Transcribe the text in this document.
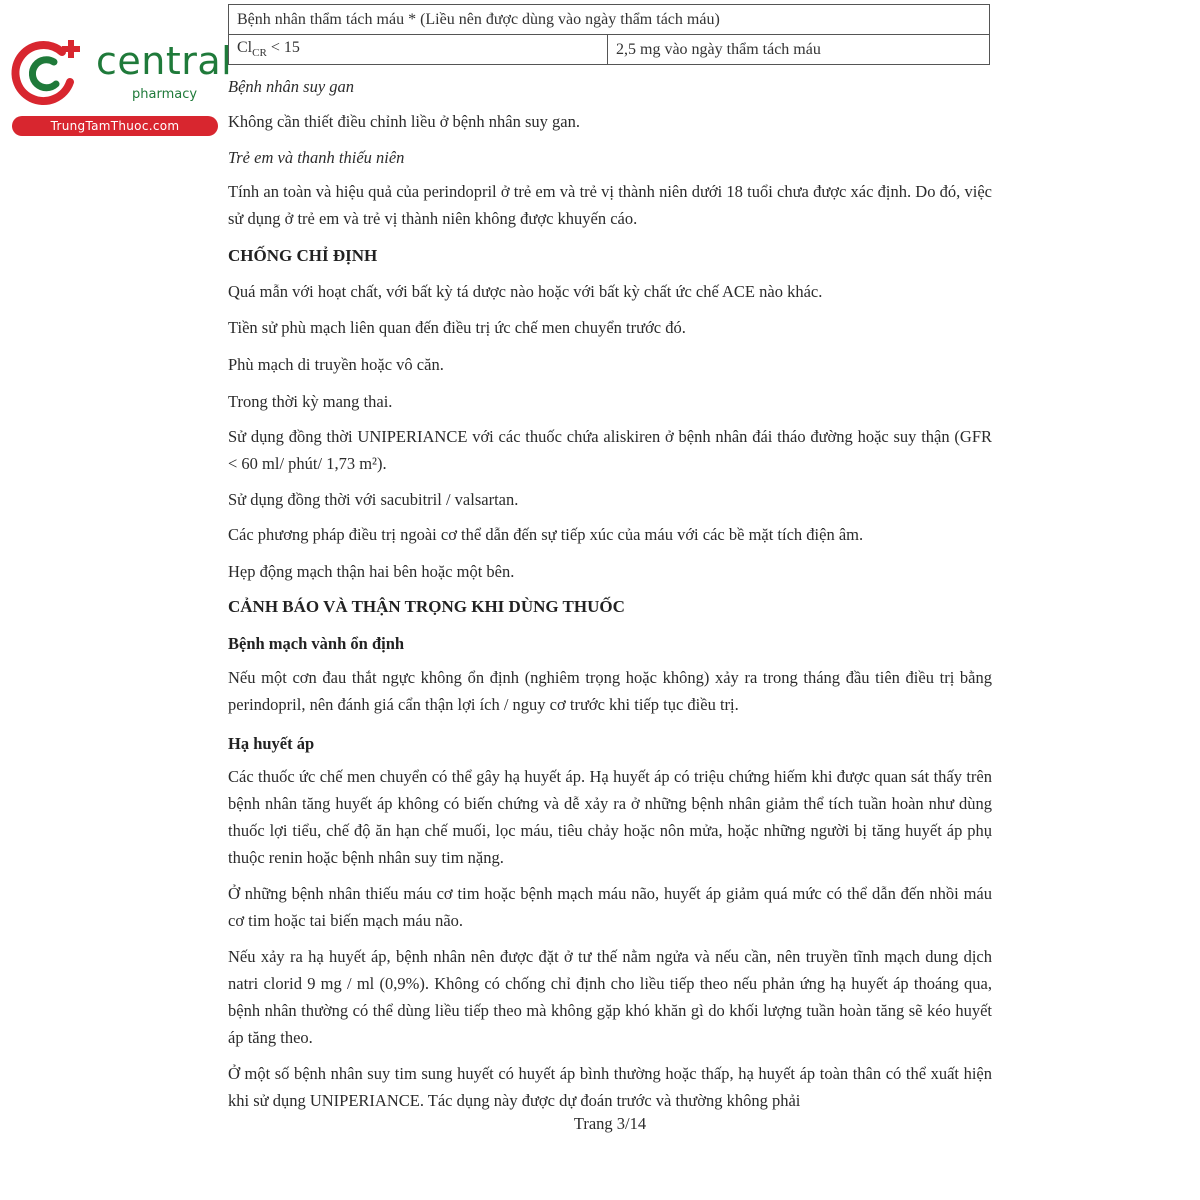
central
pharmacy
TrungTamThuoc.com
Bệnh nhân thẩm tách máu * (Liều nên được dùng vào ngày thẩm tách máu)
$Cl_{CR} < 15$	2,5 mg vào ngày thẩm tách máu

Bệnh nhân suy gan

Không cần thiết điều chỉnh liều ở bệnh nhân suy gan.

Trẻ em và thanh thiếu niên

Tính an toàn và hiệu quả của perindopril ở trẻ em và trẻ vị thành niên dưới 18 tuổi chưa được xác định. Do đó, việc sử dụng ở trẻ em và trẻ vị thành niên không được khuyến cáo.

CHỐNG CHỈ ĐỊNH

Quá mẫn với hoạt chất, với bất kỳ tá dược nào hoặc với bất kỳ chất ức chế ACE nào khác.

Tiền sử phù mạch liên quan đến điều trị ức chế men chuyển trước đó.

Phù mạch di truyền hoặc vô căn.

Trong thời kỳ mang thai.

Sử dụng đồng thời UNIPERIANCE với các thuốc chứa aliskiren ở bệnh nhân đái tháo đường hoặc suy thận (GFR < 60 ml/ phút/ 1,73 m²).

Sử dụng đồng thời với sacubitril / valsartan.

Các phương pháp điều trị ngoài cơ thể dẫn đến sự tiếp xúc của máu với các bề mặt tích điện âm.

Hẹp động mạch thận hai bên hoặc một bên.

CẢNH BÁO VÀ THẬN TRỌNG KHI DÙNG THUỐC

Bệnh mạch vành ổn định

Nếu một cơn đau thắt ngực không ổn định (nghiêm trọng hoặc không) xảy ra trong tháng đầu tiên điều trị bằng perindopril, nên đánh giá cẩn thận lợi ích / nguy cơ trước khi tiếp tục điều trị.

Hạ huyết áp

Các thuốc ức chế men chuyển có thể gây hạ huyết áp. Hạ huyết áp có triệu chứng hiếm khi được quan sát thấy trên bệnh nhân tăng huyết áp không có biến chứng và dễ xảy ra ở những bệnh nhân giảm thể tích tuần hoàn như dùng thuốc lợi tiểu, chế độ ăn hạn chế muối, lọc máu, tiêu chảy hoặc nôn mửa, hoặc những người bị tăng huyết áp phụ thuộc renin hoặc bệnh nhân suy tim nặng.

Ở những bệnh nhân thiếu máu cơ tim hoặc bệnh mạch máu não, huyết áp giảm quá mức có thể dẫn đến nhồi máu cơ tim hoặc tai biến mạch máu não.

Nếu xảy ra hạ huyết áp, bệnh nhân nên được đặt ở tư thế nằm ngửa và nếu cần, nên truyền tĩnh mạch dung dịch natri clorid 9 mg / ml (0,9%). Không có chống chỉ định cho liều tiếp theo nếu phản ứng hạ huyết áp thoáng qua, bệnh nhân thường có thể dùng liều tiếp theo mà không gặp khó khăn gì do khối lượng tuần hoàn tăng sẽ kéo huyết áp tăng theo.

Ở một số bệnh nhân suy tim sung huyết có huyết áp bình thường hoặc thấp, hạ huyết áp toàn thân có thể xuất hiện khi sử dụng UNIPERIANCE. Tác dụng này được dự đoán trước và thường không phải

Trang 3/14
